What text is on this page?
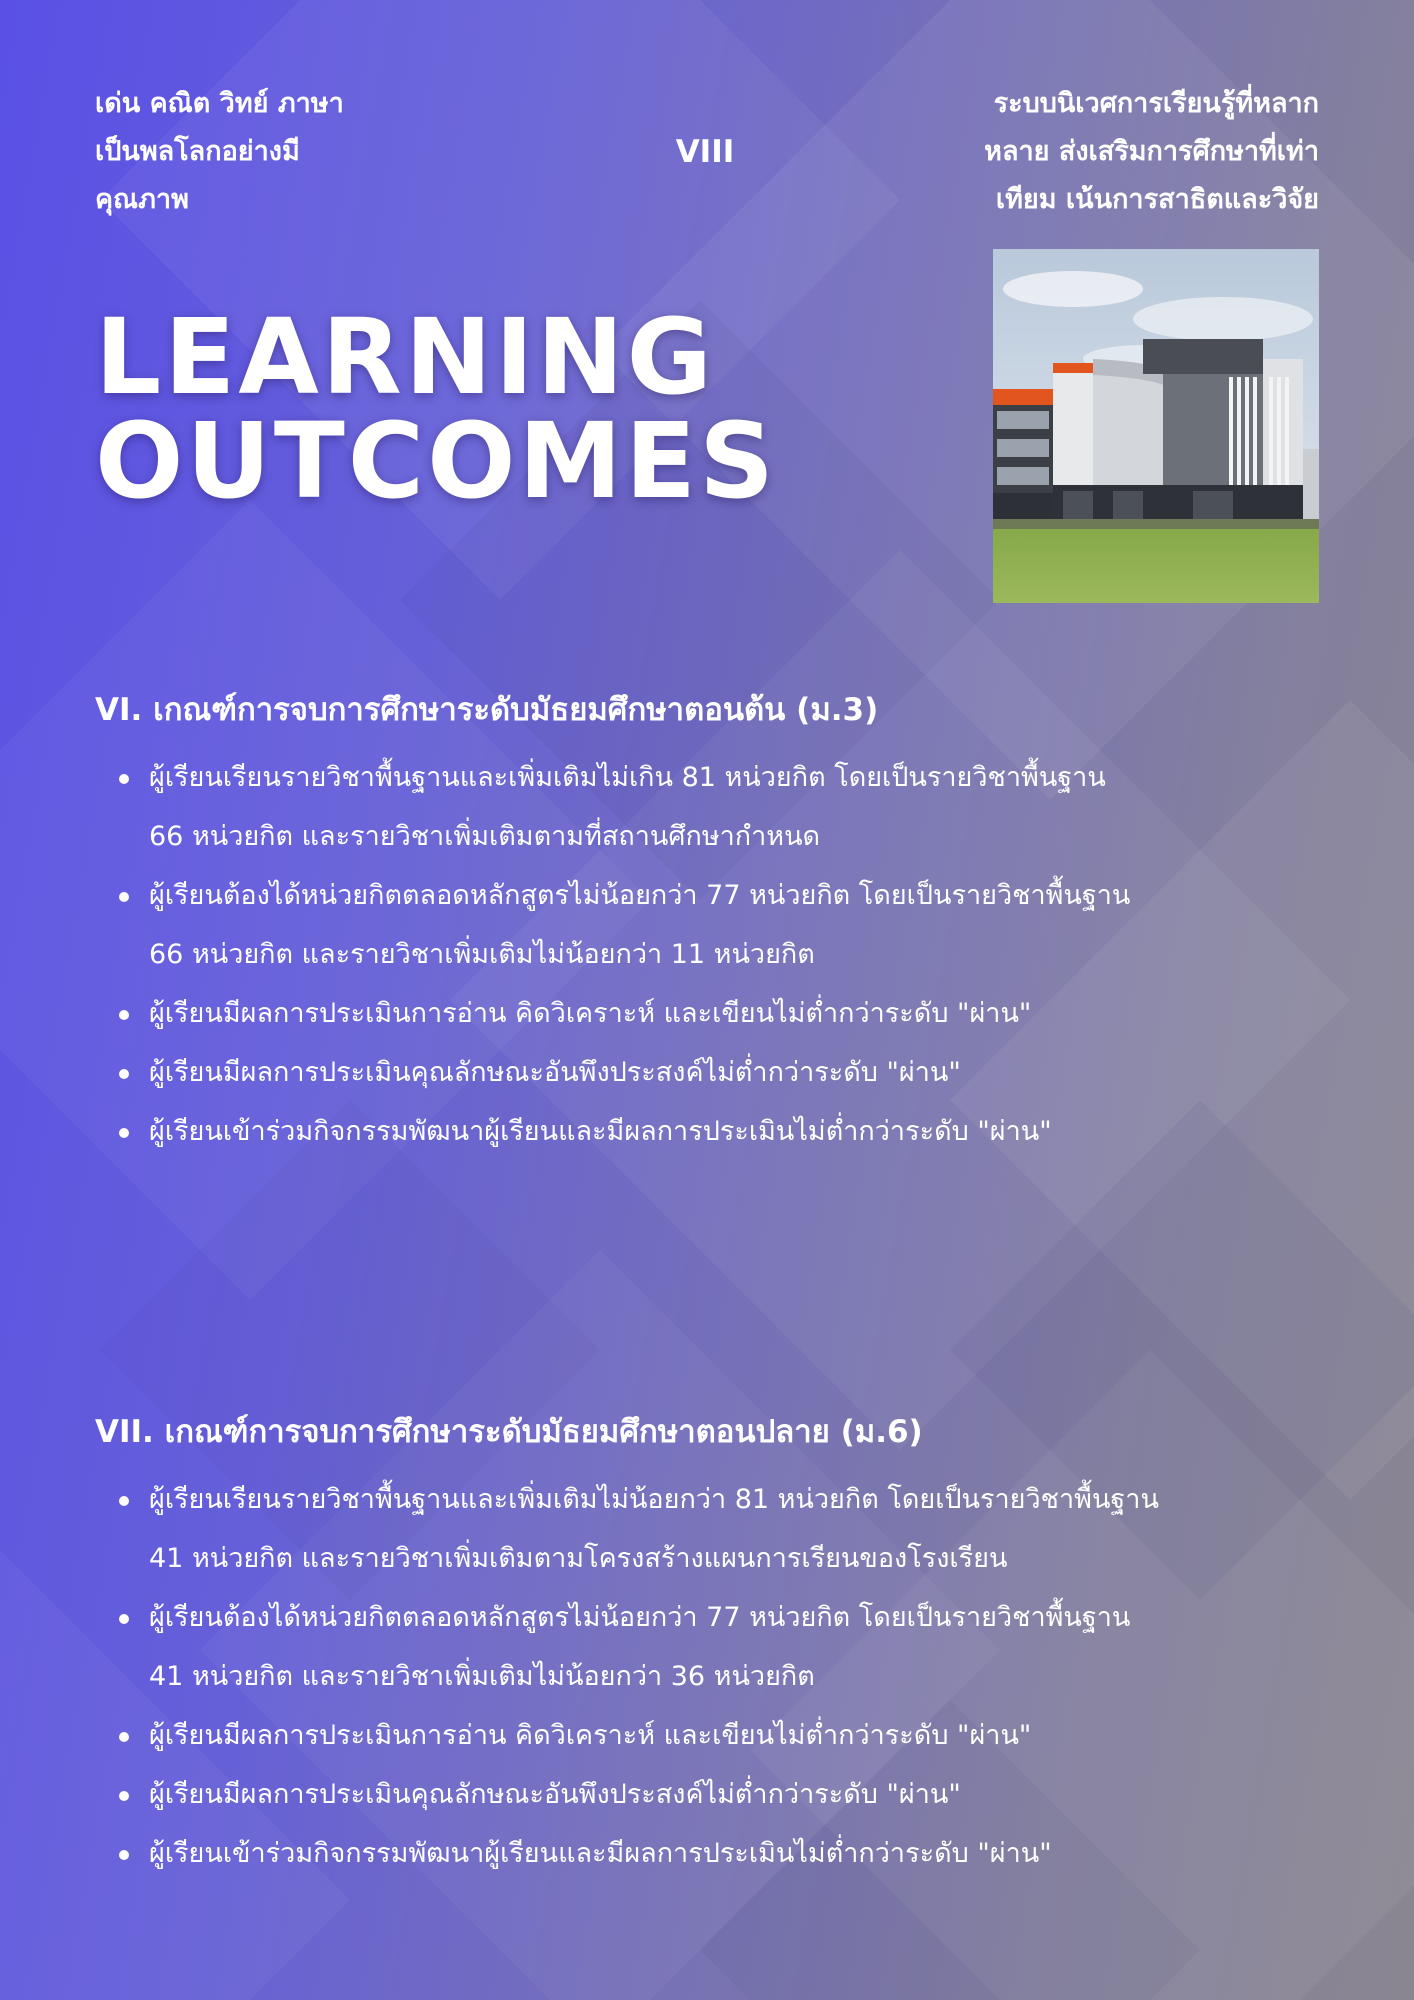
เด่น คณิต วิทย์ ภาษา
เป็นพลโลกอย่างมี
คุณภาพ
VIII
ระบบนิเวศการเรียนรู้ที่หลาก
หลาย ส่งเสริมการศึกษาที่เท่า
เทียม เน้นการสาธิตและวิจัย
LEARNING
OUTCOMES
VI. เกณฑ์การจบการศึกษาระดับมัธยมศึกษาตอนต้น (ม.3)
ผู้เรียนเรียนรายวิชาพื้นฐานและเพิ่มเติมไม่เกิน 81 หน่วยกิต โดยเป็นรายวิชาพื้นฐาน
66 หน่วยกิต และรายวิชาเพิ่มเติมตามที่สถานศึกษากำหนด
ผู้เรียนต้องได้หน่วยกิตตลอดหลักสูตรไม่น้อยกว่า 77 หน่วยกิต โดยเป็นรายวิชาพื้นฐาน
66 หน่วยกิต และรายวิชาเพิ่มเติมไม่น้อยกว่า 11 หน่วยกิต
ผู้เรียนมีผลการประเมินการอ่าน คิดวิเคราะห์ และเขียนไม่ต่ำกว่าระดับ "ผ่าน"
ผู้เรียนมีผลการประเมินคุณลักษณะอันพึงประสงค์ไม่ต่ำกว่าระดับ "ผ่าน"
ผู้เรียนเข้าร่วมกิจกรรมพัฒนาผู้เรียนและมีผลการประเมินไม่ต่ำกว่าระดับ "ผ่าน"
VII. เกณฑ์การจบการศึกษาระดับมัธยมศึกษาตอนปลาย (ม.6)
ผู้เรียนเรียนรายวิชาพื้นฐานและเพิ่มเติมไม่น้อยกว่า 81 หน่วยกิต โดยเป็นรายวิชาพื้นฐาน
41 หน่วยกิต และรายวิชาเพิ่มเติมตามโครงสร้างแผนการเรียนของโรงเรียน
ผู้เรียนต้องได้หน่วยกิตตลอดหลักสูตรไม่น้อยกว่า 77 หน่วยกิต โดยเป็นรายวิชาพื้นฐาน
41 หน่วยกิต และรายวิชาเพิ่มเติมไม่น้อยกว่า 36 หน่วยกิต
ผู้เรียนมีผลการประเมินการอ่าน คิดวิเคราะห์ และเขียนไม่ต่ำกว่าระดับ "ผ่าน"
ผู้เรียนมีผลการประเมินคุณลักษณะอันพึงประสงค์ไม่ต่ำกว่าระดับ "ผ่าน"
ผู้เรียนเข้าร่วมกิจกรรมพัฒนาผู้เรียนและมีผลการประเมินไม่ต่ำกว่าระดับ "ผ่าน"
